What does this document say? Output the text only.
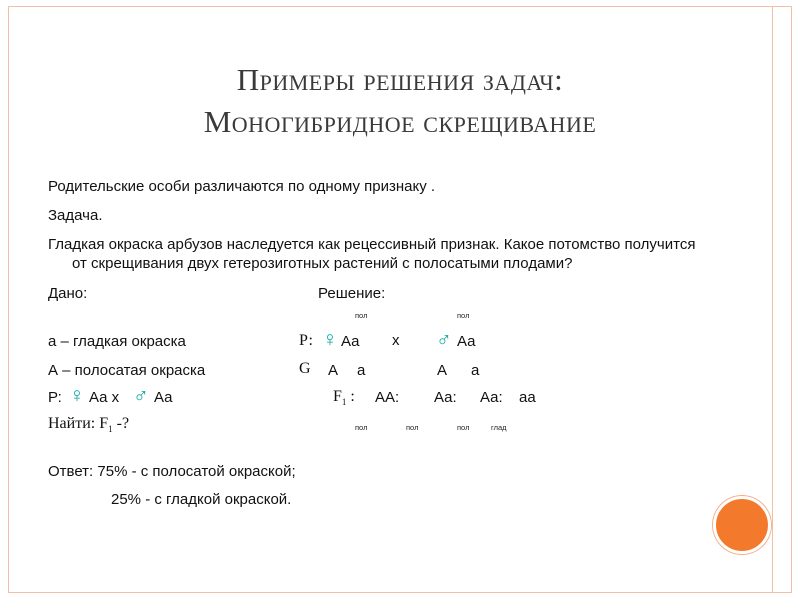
Примеры решения задач:
Моногибридное скрещивание
Родительские особи различаются по одному признаку .
Задача.
Гладкая окраска арбузов наследуется как рецессивный признак. Какое потомство получится
от скрещивания двух гетерозиготных растений с полосатыми плодами?
Дано:	Решение:
пол	пол
а – гладкая окраска	Р: ♀ Аа х ♂ Аа
А – полосатая окраска	G А а	А а
Р: ♀ Аа х ♂ Аа	$F_1$ : АА: Аа: Аа: аа
Найти: $F_1$ -?	пол	пол	пол	глад
Ответ: 75% - с полосатой окраской;
25% - с гладкой окраской.
